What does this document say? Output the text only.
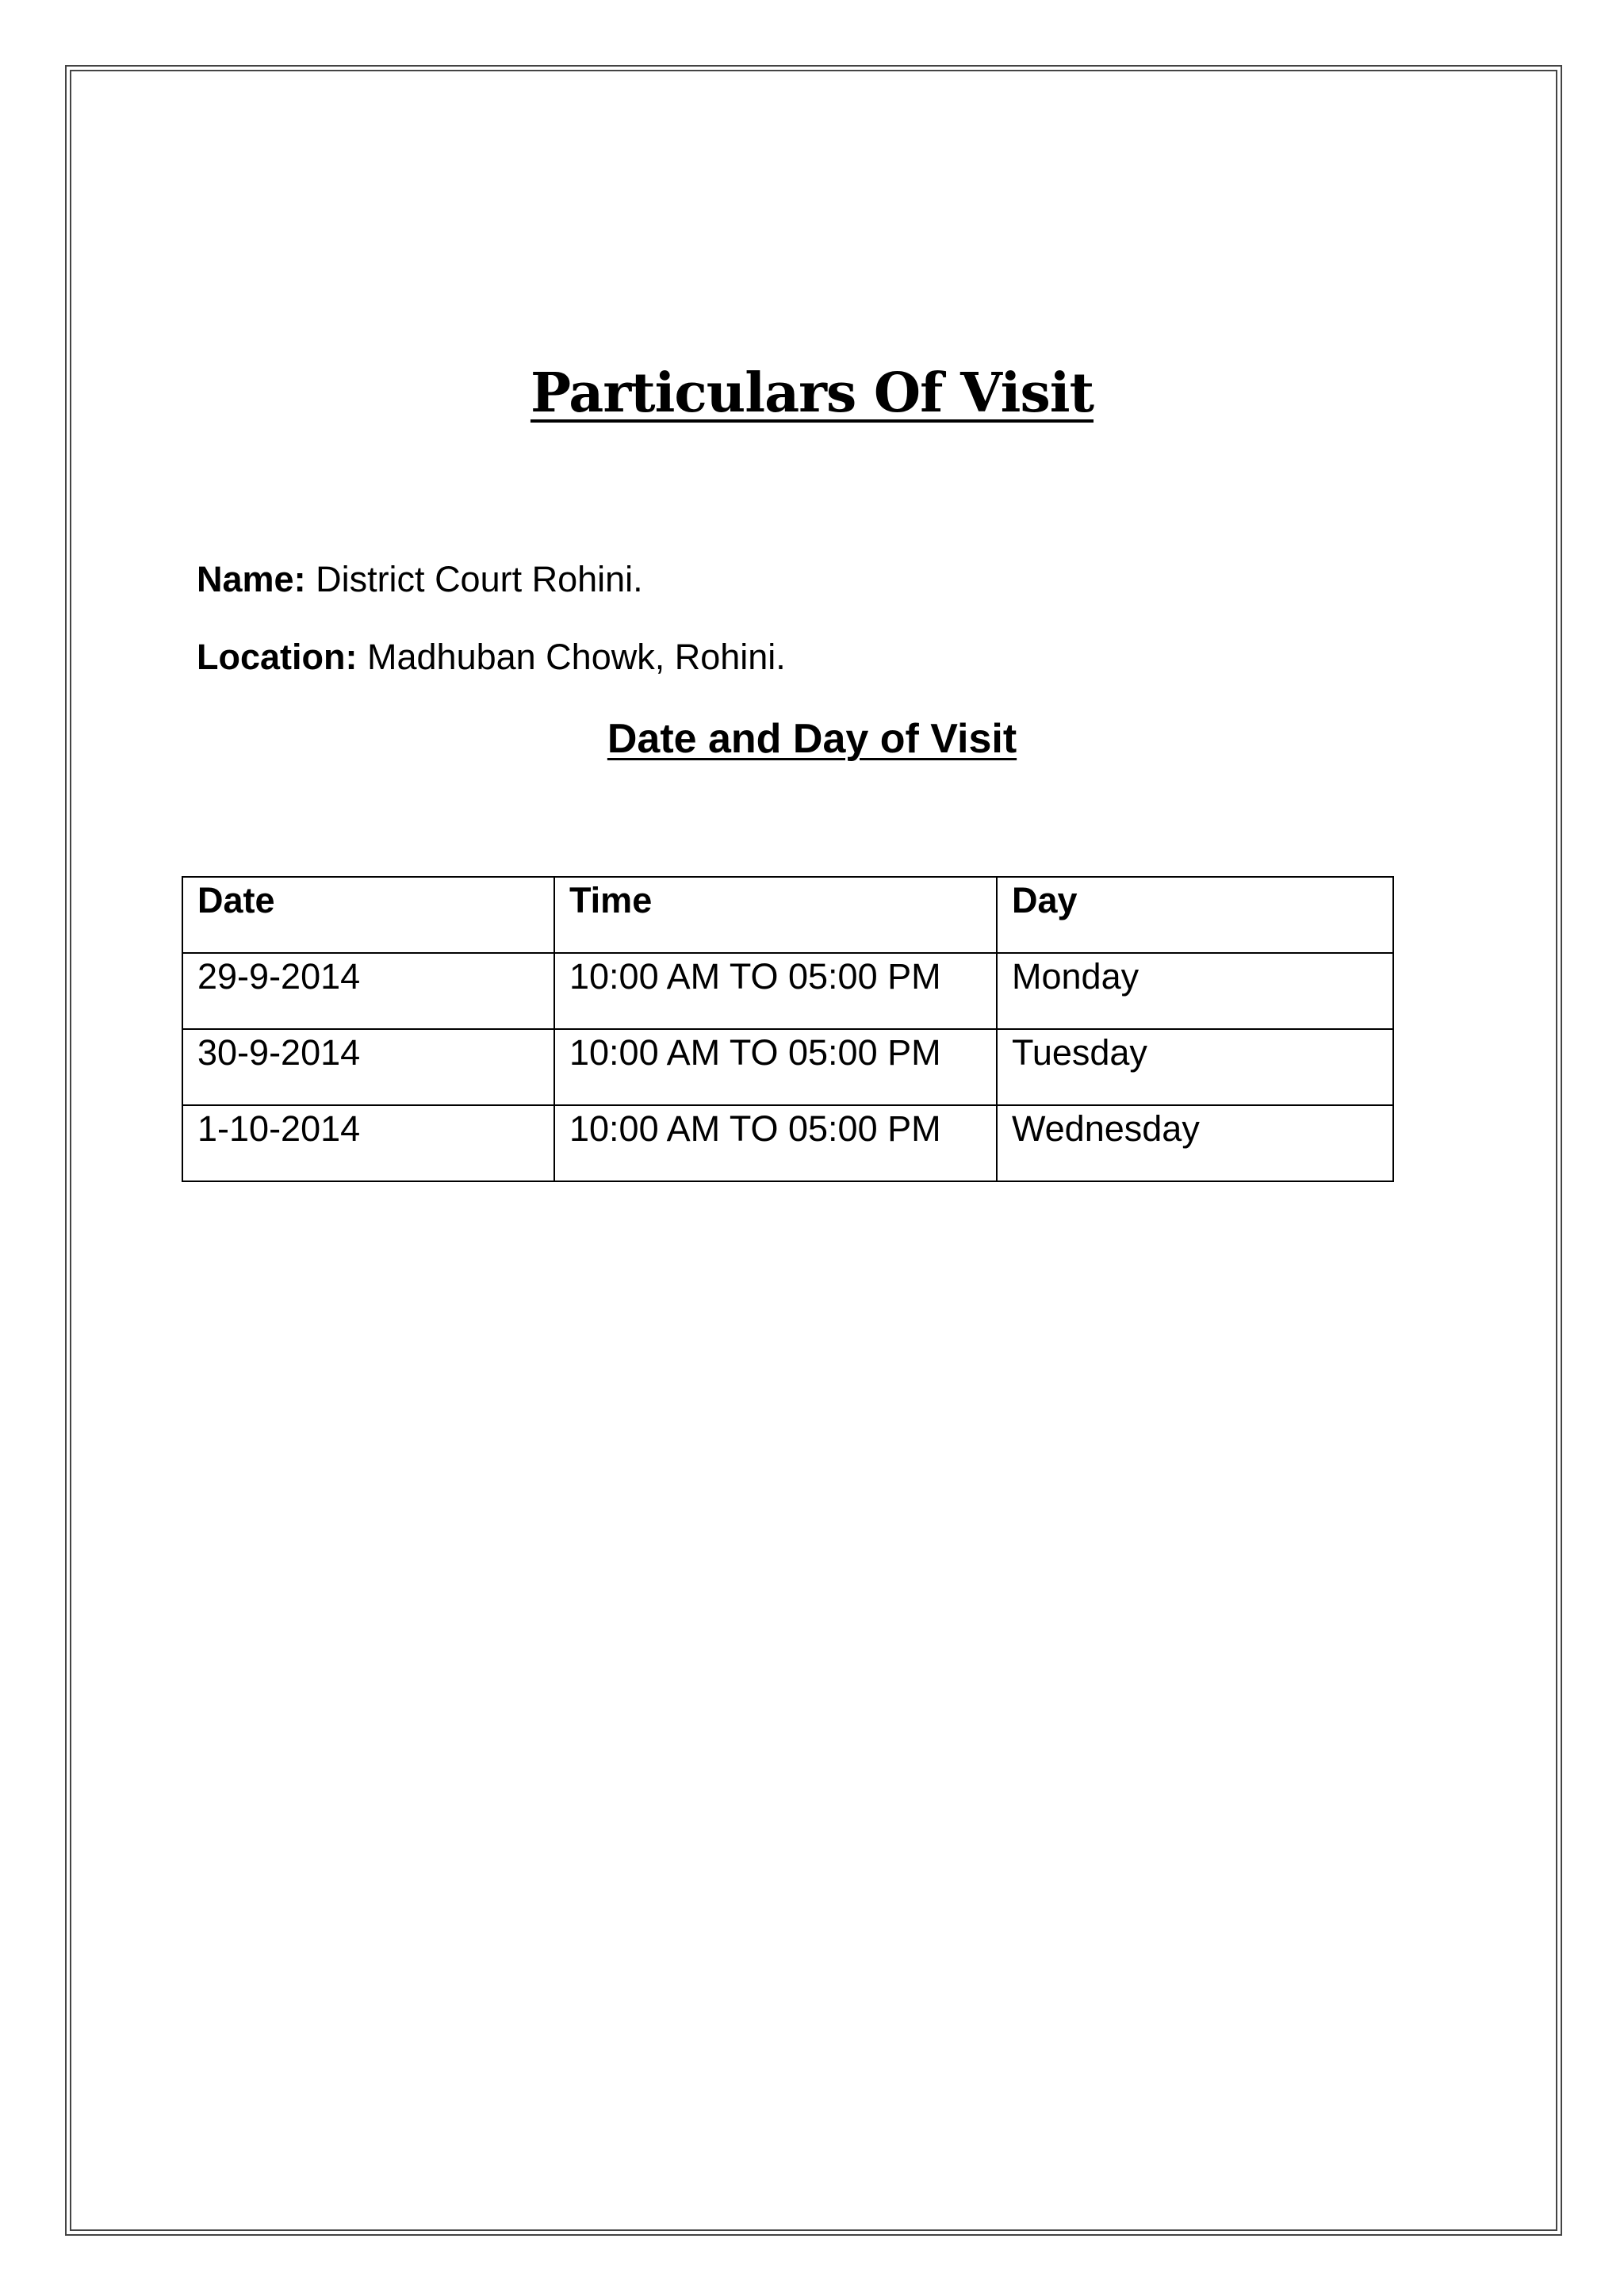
Particulars Of Visit
Name: District Court Rohini.
Location: Madhuban Chowk, Rohini.
Date and Day of Visit
Date	Time	Day
29-9-2014	10:00 AM TO 05:00 PM	Monday
30-9-2014	10:00 AM TO 05:00 PM	Tuesday
1-10-2014	10:00 AM TO 05:00 PM	Wednesday
